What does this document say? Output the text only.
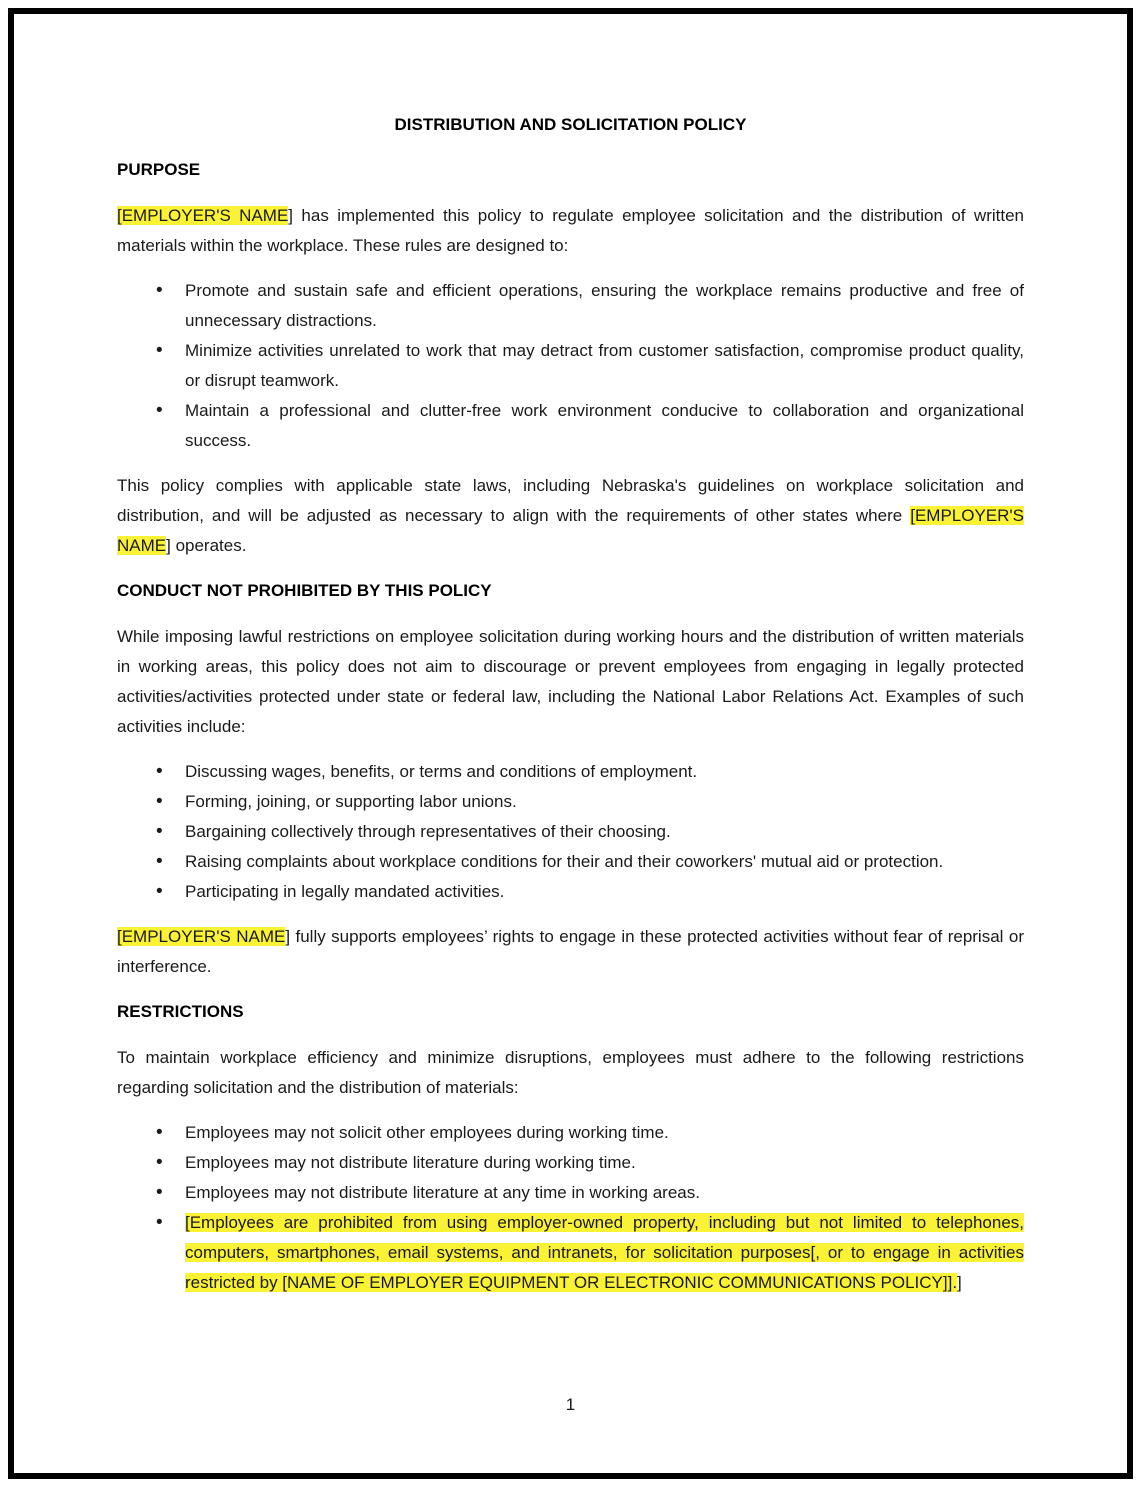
DISTRIBUTION AND SOLICITATION POLICY
PURPOSE

[EMPLOYER'S NAME] has implemented this policy to regulate employee solicitation and the distribution of written materials within the workplace. These rules are designed to:

• Promote and sustain safe and efficient operations, ensuring the workplace remains productive and free of unnecessary distractions.
• Minimize activities unrelated to work that may detract from customer satisfaction, compromise product quality, or disrupt teamwork.
• Maintain a professional and clutter-free work environment conducive to collaboration and organizational success.

This policy complies with applicable state laws, including Nebraska's guidelines on workplace solicitation and distribution, and will be adjusted as necessary to align with the requirements of other states where [EMPLOYER'S NAME] operates.

CONDUCT NOT PROHIBITED BY THIS POLICY

While imposing lawful restrictions on employee solicitation during working hours and the distribution of written materials in working areas, this policy does not aim to discourage or prevent employees from engaging in legally protected activities/activities protected under state or federal law, including the National Labor Relations Act. Examples of such activities include:

• Discussing wages, benefits, or terms and conditions of employment.
• Forming, joining, or supporting labor unions.
• Bargaining collectively through representatives of their choosing.
• Raising complaints about workplace conditions for their and their coworkers' mutual aid or protection.
• Participating in legally mandated activities.

[EMPLOYER'S NAME] fully supports employees’ rights to engage in these protected activities without fear of reprisal or interference.

RESTRICTIONS

To maintain workplace efficiency and minimize disruptions, employees must adhere to the following restrictions regarding solicitation and the distribution of materials:

• Employees may not solicit other employees during working time.
• Employees may not distribute literature during working time.
• Employees may not distribute literature at any time in working areas.
• [Employees are prohibited from using employer-owned property, including but not limited to telephones, computers, smartphones, email systems, and intranets, for solicitation purposes[, or to engage in activities restricted by [NAME OF EMPLOYER EQUIPMENT OR ELECTRONIC COMMUNICATIONS POLICY]].]
1
